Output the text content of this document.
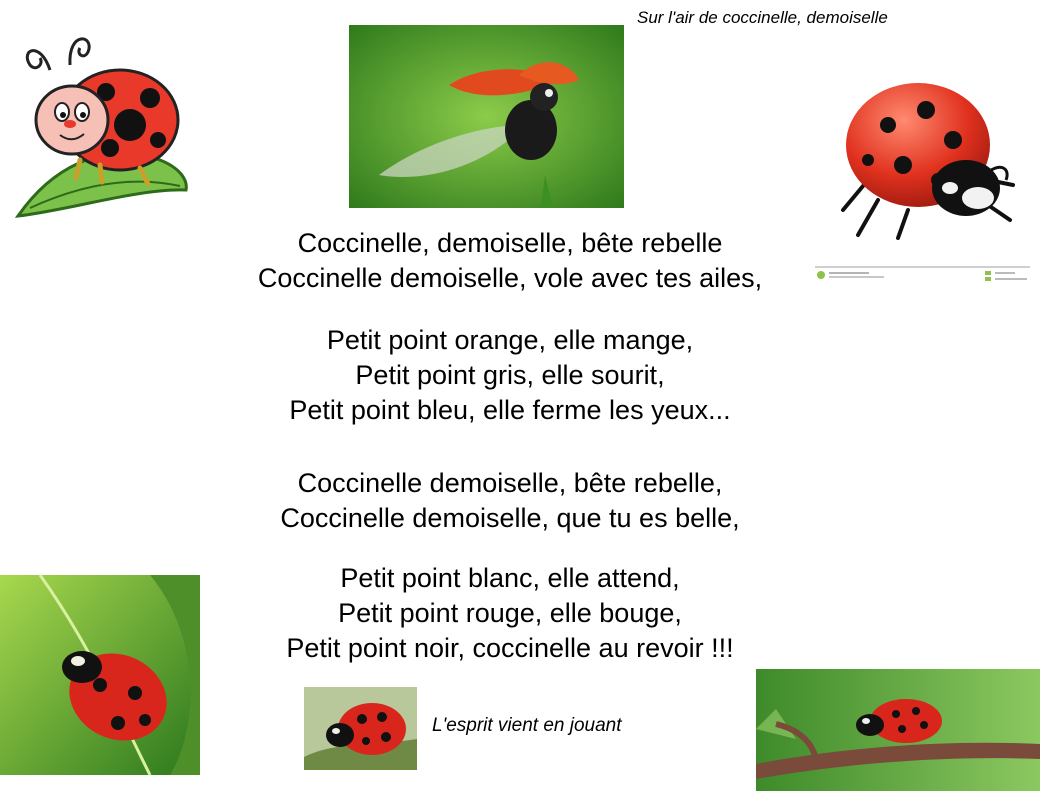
Sur l'air de coccinelle, demoiselle
Coccinelle, demoiselle, bête rebelle
Coccinelle demoiselle, vole avec tes ailes,
Petit point orange, elle mange,
Petit point gris, elle sourit,
Petit point bleu, elle ferme les yeux...
Coccinelle demoiselle, bête rebelle,
Coccinelle demoiselle, que tu es belle,
Petit point blanc, elle attend,
Petit point rouge, elle bouge,
Petit point noir, coccinelle au revoir !!!
L'esprit vient en jouant
